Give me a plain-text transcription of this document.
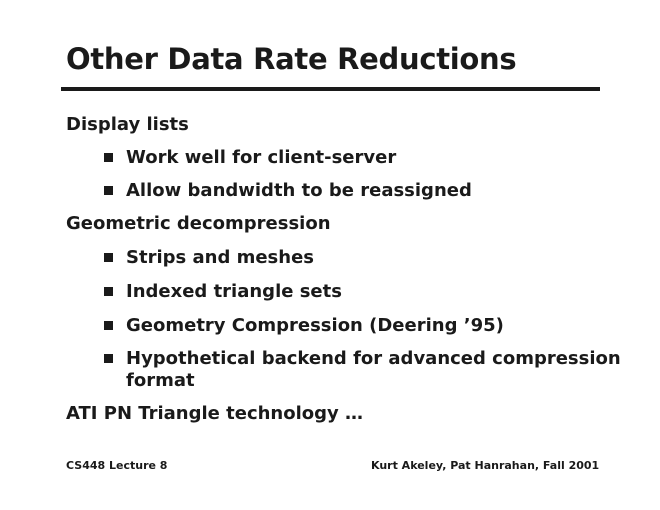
Other Data Rate Reductions
Display lists
Work well for client-server
Allow bandwidth to be reassigned
Geometric decompression
Strips and meshes
Indexed triangle sets
Geometry Compression (Deering ’95)
Hypothetical backend for advanced compression
format
ATI PN Triangle technology …
CS448 Lecture 8	Kurt Akeley, Pat Hanrahan, Fall 2001
